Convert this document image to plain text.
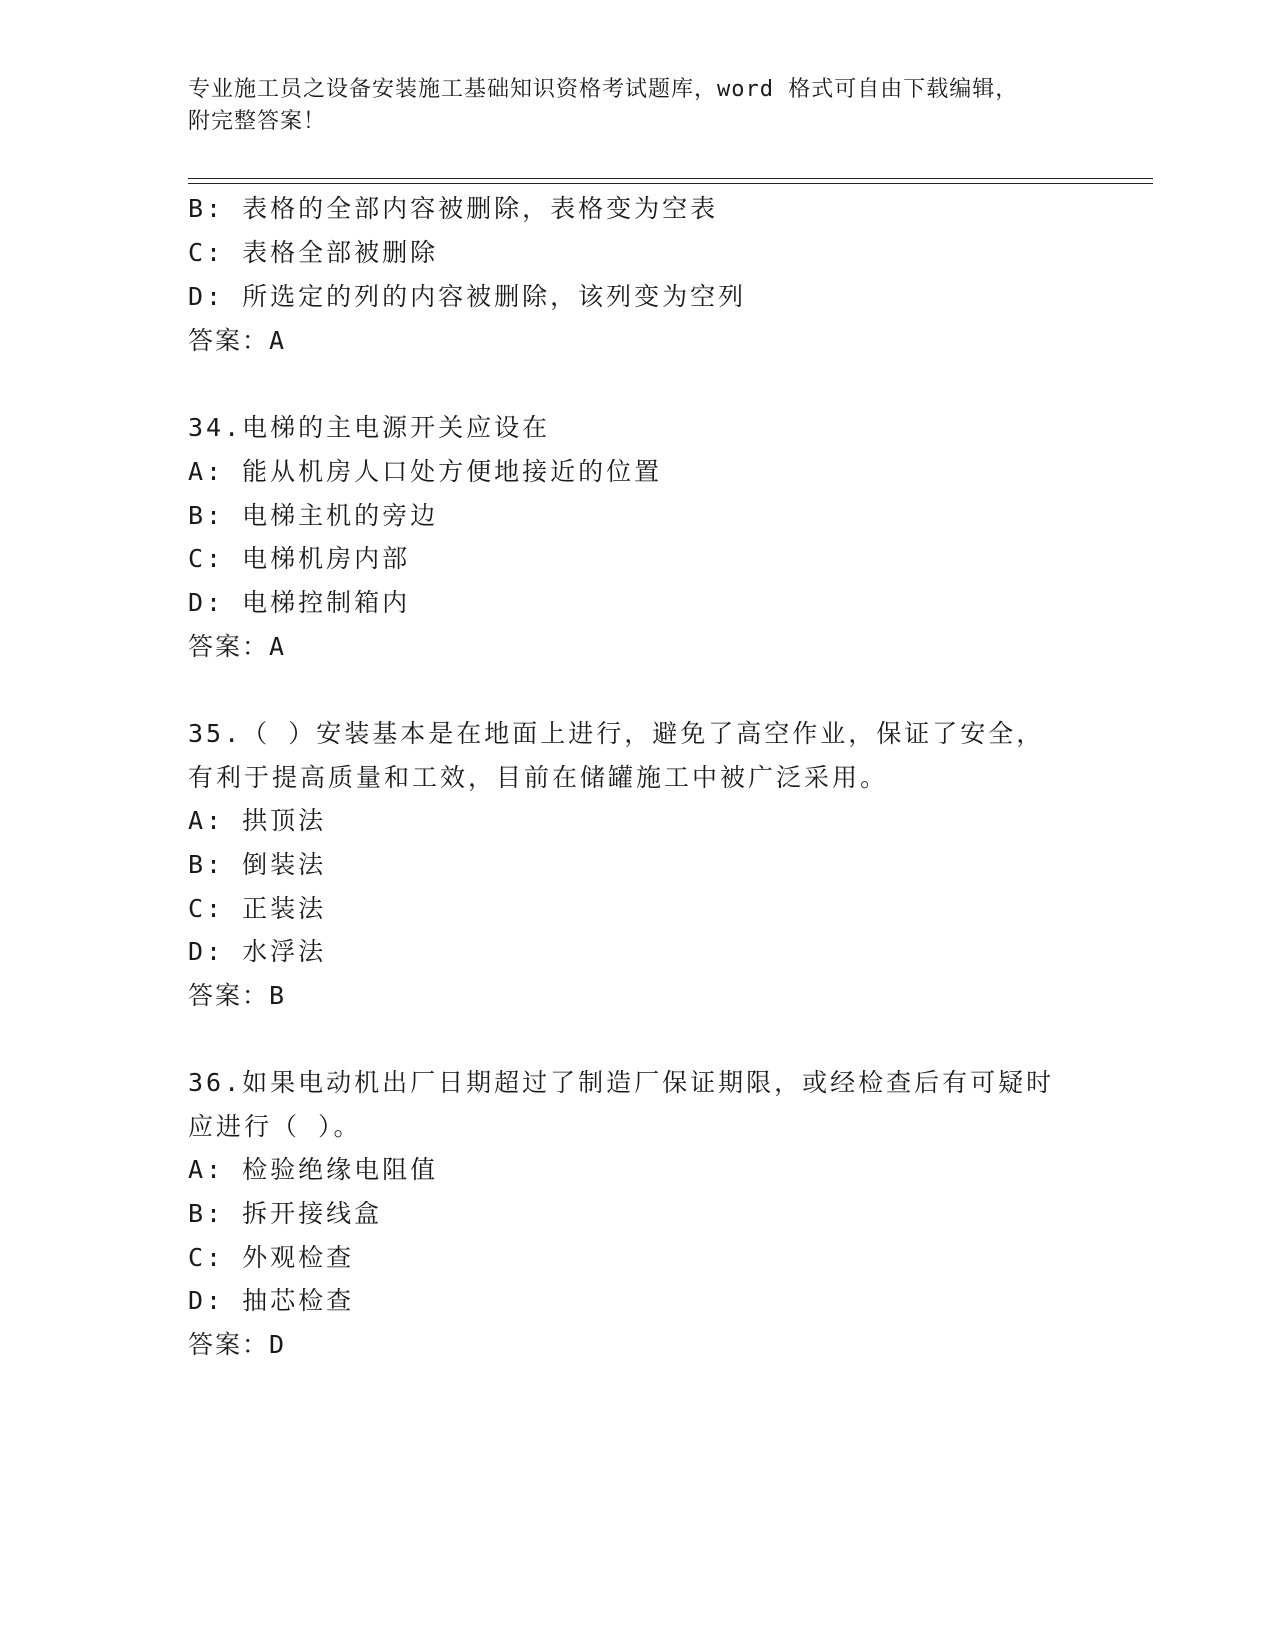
专业施工员之设备安装施工基础知识资格考试题库，word 格式可自由下载编辑，
附完整答案！
B: 表格的全部内容被删除，表格变为空表
C: 表格全部被删除
D: 所选定的列的内容被删除，该列变为空列
答案：A
34.电梯的主电源开关应设在
A: 能从机房人口处方便地接近的位置
B: 电梯主机的旁边
C: 电梯机房内部
D: 电梯控制箱内
答案：A
35.（ ）安装基本是在地面上进行，避免了高空作业，保证了安全，
有利于提高质量和工效，目前在储罐施工中被广泛采用。
A: 拱顶法
B: 倒装法
C: 正装法
D: 水浮法
答案：B
36.如果电动机出厂日期超过了制造厂保证期限，或经检查后有可疑时
应进行（ ）。
A: 检验绝缘电阻值
B: 拆开接线盒
C: 外观检查
D: 抽芯检查
答案：D
